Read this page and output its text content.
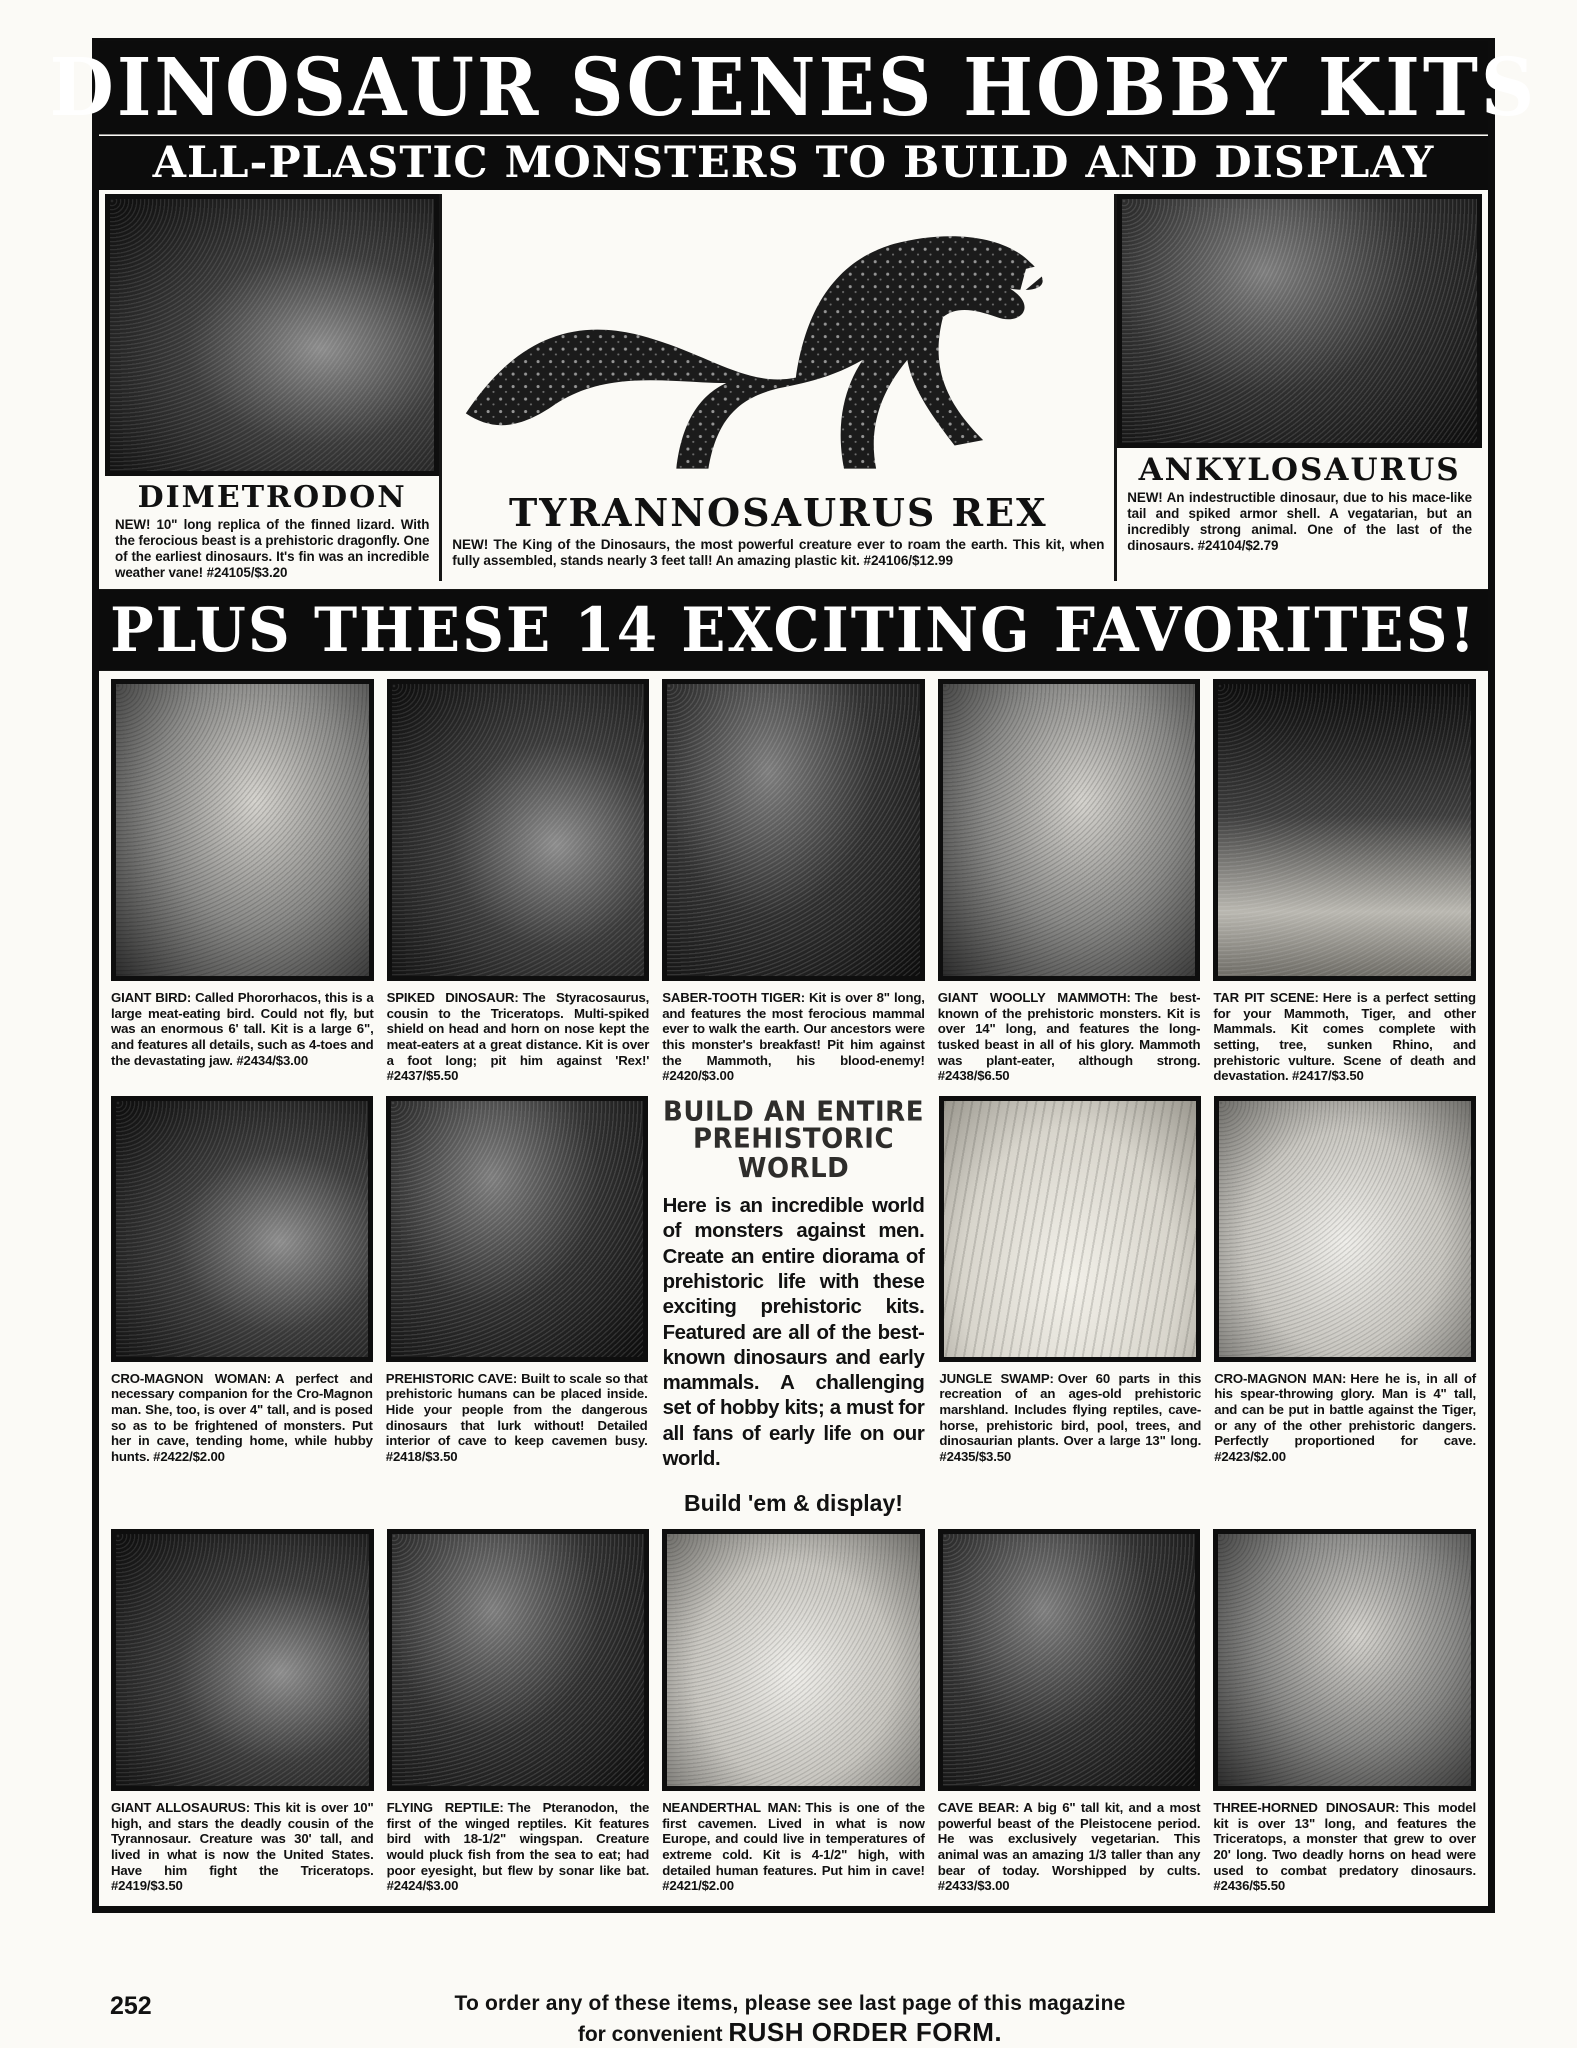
DINOSAUR SCENES HOBBY KITS
ALL-PLASTIC MONSTERS TO BUILD AND DISPLAY
DIMETRODON
NEW! 10" long replica of the finned lizard. With the ferocious beast is a prehistoric dragonfly. One of the earliest dinosaurs. It's fin was an incredible weather vane! #24105/$3.20
TYRANNOSAURUS REX
NEW! The King of the Dinosaurs, the most powerful creature ever to roam the earth. This kit, when fully assembled, stands nearly 3 feet tall! An amazing plastic kit. #24106/$12.99
ANKYLOSAURUS
NEW! An indestructible dinosaur, due to his mace-like tail and spiked armor shell. A vegatarian, but an incredibly strong animal. One of the last of the dinosaurs. #24104/$2.79
PLUS THESE 14 EXCITING FAVORITES!
GIANT BIRD: Called Phororhacos, this is a large meat-eating bird. Could not fly, but was an enormous 6' tall. Kit is a large 6", and features all details, such as 4-toes and the devastating jaw. #2434/$3.00
SPIKED DINOSAUR: The Styracosaurus, cousin to the Triceratops. Multi-spiked shield on head and horn on nose kept the meat-eaters at a great distance. Kit is over a foot long; pit him against 'Rex!' #2437/$5.50
SABER-TOOTH TIGER: Kit is over 8" long, and features the most ferocious mammal ever to walk the earth. Our ancestors were this monster's breakfast! Pit him against the Mammoth, his blood-enemy! #2420/$3.00
GIANT WOOLLY MAMMOTH: The best-known of the prehistoric monsters. Kit is over 14" long, and features the long-tusked beast in all of his glory. Mammoth was plant-eater, although strong. #2438/$6.50
TAR PIT SCENE: Here is a perfect setting for your Mammoth, Tiger, and other Mammals. Kit comes complete with setting, tree, sunken Rhino, and prehistoric vulture. Scene of death and devastation. #2417/$3.50
CRO-MAGNON WOMAN: A perfect and necessary companion for the Cro-Magnon man. She, too, is over 4" tall, and is posed so as to be frightened of monsters. Put her in cave, tending home, while hubby hunts. #2422/$2.00
PREHISTORIC CAVE: Built to scale so that prehistoric humans can be placed inside. Hide your people from the dangerous dinosaurs that lurk without! Detailed interior of cave to keep cavemen busy. #2418/$3.50
BUILD AN ENTIRE
PREHISTORIC WORLD
Here is an incredible world of monsters against men. Create an entire diorama of prehistoric life with these exciting prehistoric kits. Featured are all of the best-known dinosaurs and early mammals. A challenging set of hobby kits; a must for all fans of early life on our world.
Build 'em & display!
JUNGLE SWAMP: Over 60 parts in this recreation of an ages-old prehistoric marshland. Includes flying reptiles, cave-horse, prehistoric bird, pool, trees, and dinosaurian plants. Over a large 13" long. #2435/$3.50
CRO-MAGNON MAN: Here he is, in all of his spear-throwing glory. Man is 4" tall, and can be put in battle against the Tiger, or any of the other prehistoric dangers. Perfectly proportioned for cave. #2423/$2.00
GIANT ALLOSAURUS: This kit is over 10" high, and stars the deadly cousin of the Tyrannosaur. Creature was 30' tall, and lived in what is now the United States. Have him fight the Triceratops. #2419/$3.50
FLYING REPTILE: The Pteranodon, the first of the winged reptiles. Kit features bird with 18-1/2" wingspan. Creature would pluck fish from the sea to eat; had poor eyesight, but flew by sonar like bat. #2424/$3.00
NEANDERTHAL MAN: This is one of the first cavemen. Lived in what is now Europe, and could live in temperatures of extreme cold. Kit is 4-1/2" high, with detailed human features. Put him in cave! #2421/$2.00
CAVE BEAR: A big 6" tall kit, and a most powerful beast of the Pleistocene period. He was exclusively vegetarian. This animal was an amazing 1/3 taller than any bear of today. Worshipped by cults. #2433/$3.00
THREE-HORNED DINOSAUR: This model kit is over 13" long, and features the Triceratops, a monster that grew to over 20' long. Two deadly horns on head were used to combat predatory dinosaurs. #2436/$5.50
252	To order any of these items, please see last page of this magazine
for convenient RUSH ORDER FORM.
